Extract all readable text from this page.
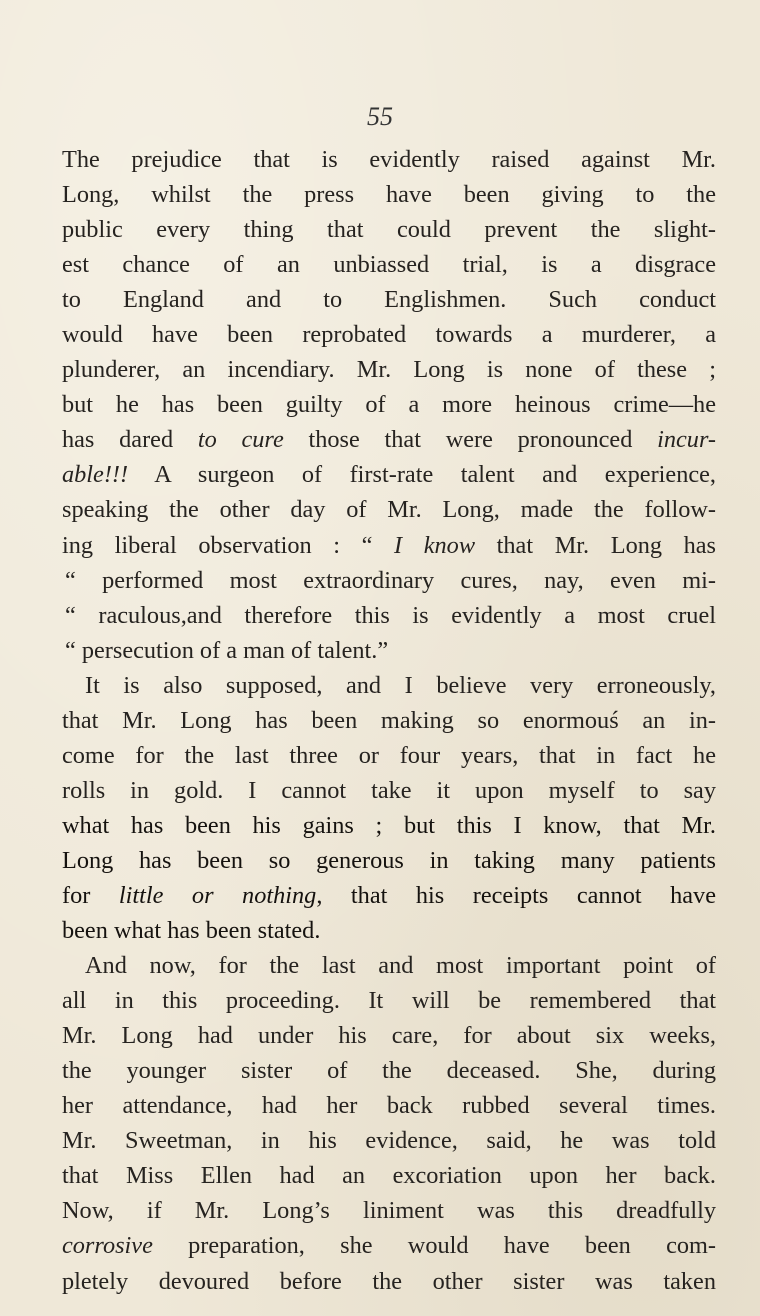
55
The prejudice that is evidently raised against Mr.
Long, whilst the press have been giving to the
public every thing that could prevent the slight-
est chance of an unbiassed trial, is a disgrace
to England and to Englishmen. Such conduct
would have been reprobated towards a murderer, a
plunderer, an incendiary. Mr. Long is none of these ;
but he has been guilty of a more heinous crime—he
has dared to cure those that were pronounced incur-
able!!! A surgeon of first-rate talent and experience,
speaking the other day of Mr. Long, made the follow-
ing liberal observation : “ I know that Mr. Long has
“ performed most extraordinary cures, nay, even mi-
“ raculous,and therefore this is evidently a most cruel
“ persecution of a man of talent.”
It is also supposed, and I believe very erroneously,
that Mr. Long has been making so enormouś an in-
come for the last three or four years, that in fact he
rolls in gold. I cannot take it upon myself to say
what has been his gains ; but this I know, that Mr.
Long has been so generous in taking many patients
for little or nothing, that his receipts cannot have
been what has been stated.
And now, for the last and most important point of
all in this proceeding. It will be remembered that
Mr. Long had under his care, for about six weeks,
the younger sister of the deceased. She, during
her attendance, had her back rubbed several times.
Mr. Sweetman, in his evidence, said, he was told
that Miss Ellen had an excoriation upon her back.
Now, if Mr. Long’s liniment was this dreadfully
corrosive preparation, she would have been com-
pletely devoured before the other sister was taken
